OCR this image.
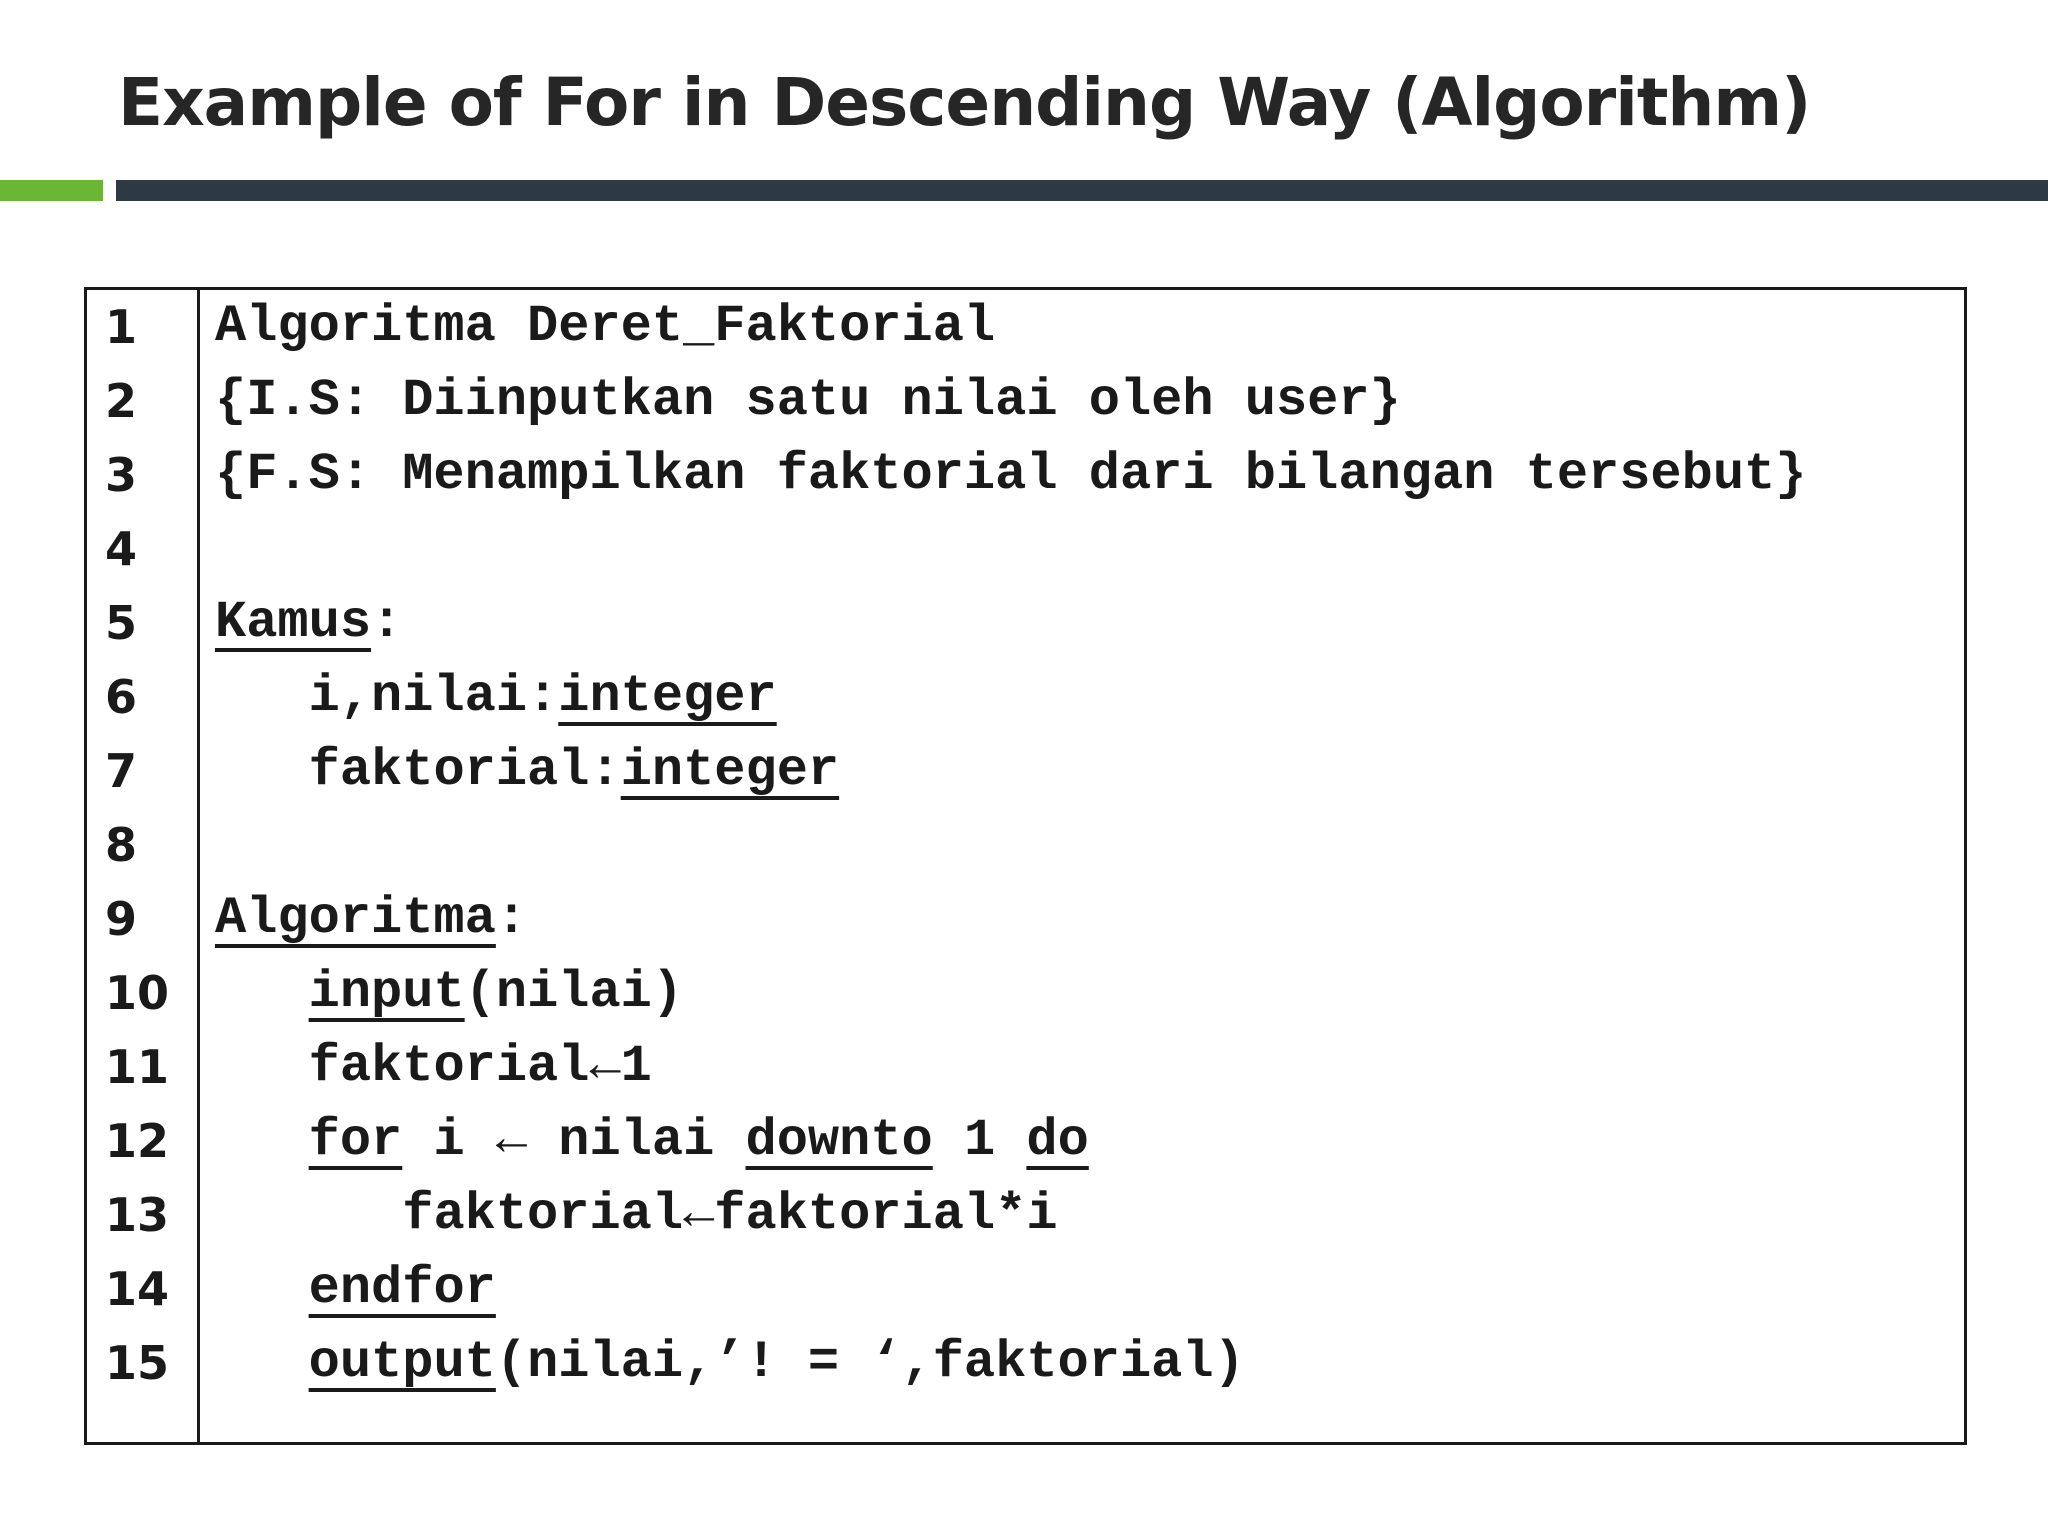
Example of For in Descending Way (Algorithm)
1
2
3
4
5
6
7
8
9
10
11
12
13
14
15
Algoritma Deret_Faktorial
{I.S: Diinputkan satu nilai oleh user}
{F.S: Menampilkan faktorial dari bilangan tersebut}
Kamus:
i,nilai:integer
faktorial:integer
Algoritma:
input(nilai)
faktorial←1
for i ← nilai downto 1 do
faktorial←faktorial*i
endfor
output(nilai,’! = ‘,faktorial)
